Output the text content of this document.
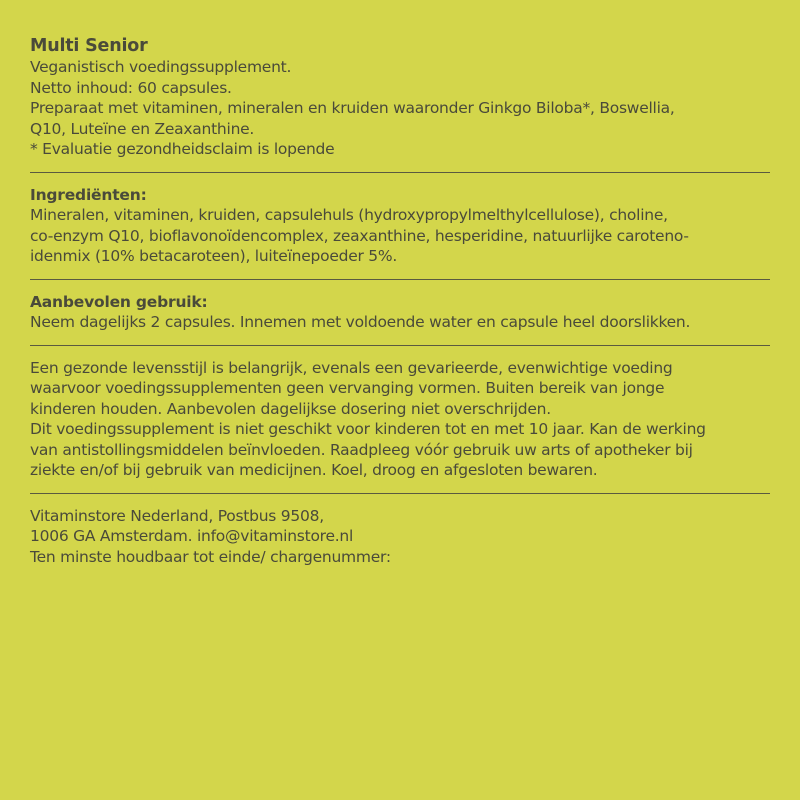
Multi Senior

Veganistisch voedingssupplement.

Netto inhoud: 60 capsules.

Preparaat met vitaminen, mineralen en kruiden waaronder Ginkgo Biloba*, Boswellia,

Q10, Luteïne en Zeaxanthine.

* Evaluatie gezondheidsclaim is lopende

Ingrediënten:

Mineralen, vitaminen, kruiden, capsulehuls (hydroxypropylmelthylcellulose), choline,

co-enzym Q10, bioflavonoïdencomplex, zeaxanthine, hesperidine, natuurlijke caroteno-

idenmix (10% betacaroteen), luiteïnepoeder 5%.

Aanbevolen gebruik:

Neem dagelijks 2 capsules. Innemen met voldoende water en capsule heel doorslikken.

Een gezonde levensstijl is belangrijk, evenals een gevarieerde, evenwichtige voeding

waarvoor voedingssupplementen geen vervanging vormen. Buiten bereik van jonge

kinderen houden. Aanbevolen dagelijkse dosering niet overschrijden.

Dit voedingssupplement is niet geschikt voor kinderen tot en met 10 jaar. Kan de werking

van antistollingsmiddelen beïnvloeden. Raadpleeg vóór gebruik uw arts of apotheker bij

ziekte en/of bij gebruik van medicijnen. Koel, droog en afgesloten bewaren.

Vitaminstore Nederland, Postbus 9508,

1006 GA Amsterdam. info@vitaminstore.nl

Ten minste houdbaar tot einde/ chargenummer:
